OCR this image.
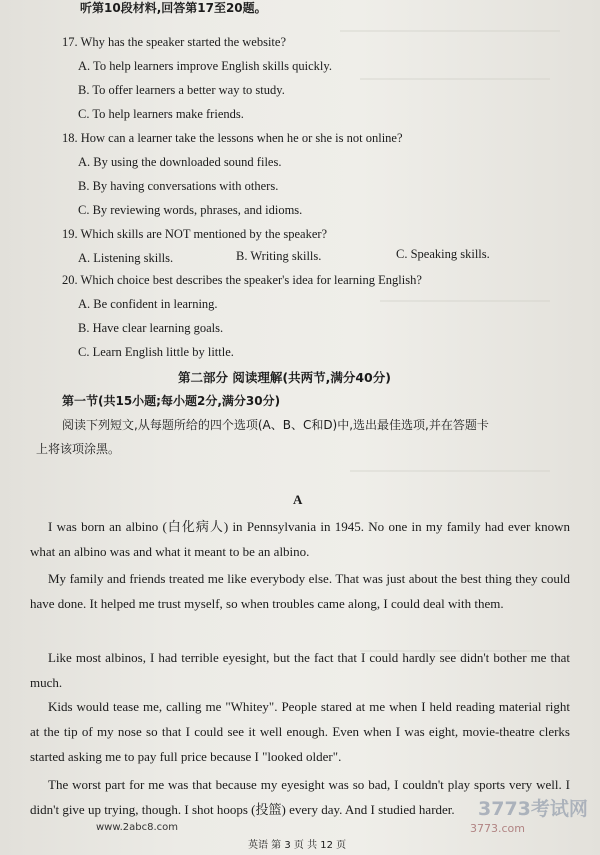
听第10段材料,回答第17至20题。
17. Why has the speaker started the website?
A. To help learners improve English skills quickly.
B. To offer learners a better way to study.
C. To help learners make friends.
18. How can a learner take the lessons when he or she is not online?
A. By using the downloaded sound files.
B. By having conversations with others.
C. By reviewing words, phrases, and idioms.
19. Which skills are NOT mentioned by the speaker?
A. Listening skills.	B. Writing skills.	C. Speaking skills.
20. Which choice best describes the speaker's idea for learning English?
A. Be confident in learning.
B. Have clear learning goals.
C. Learn English little by little.
第二部分 阅读理解(共两节,满分40分)
第一节(共15小题;每小题2分,满分30分)
阅读下列短文,从每题所给的四个选项(A、B、C和D)中,选出最佳选项,并在答题卡
上将该项涂黑。
A
I was born an albino (白化病人) in Pennsylvania in 1945. No one in my family had ever known what an albino was and what it meant to be an albino.
My family and friends treated me like everybody else. That was just about the best thing they could have done. It helped me trust myself, so when troubles came along, I could deal with them.
Like most albinos, I had terrible eyesight, but the fact that I could hardly see didn't bother me that much.
Kids would tease me, calling me "Whitey". People stared at me when I held reading material right at the tip of my nose so that I could see it well enough. Even when I was eight, movie-theatre clerks started asking me to pay full price because I "looked older".
The worst part for me was that because my eyesight was so bad, I couldn't play sports very well. I didn't give up trying, though. I shot hoops (投篮) every day. And I studied harder.
英语 第 3 页 共 12 页
www.2abc8.com
3773考试网
3773.com
